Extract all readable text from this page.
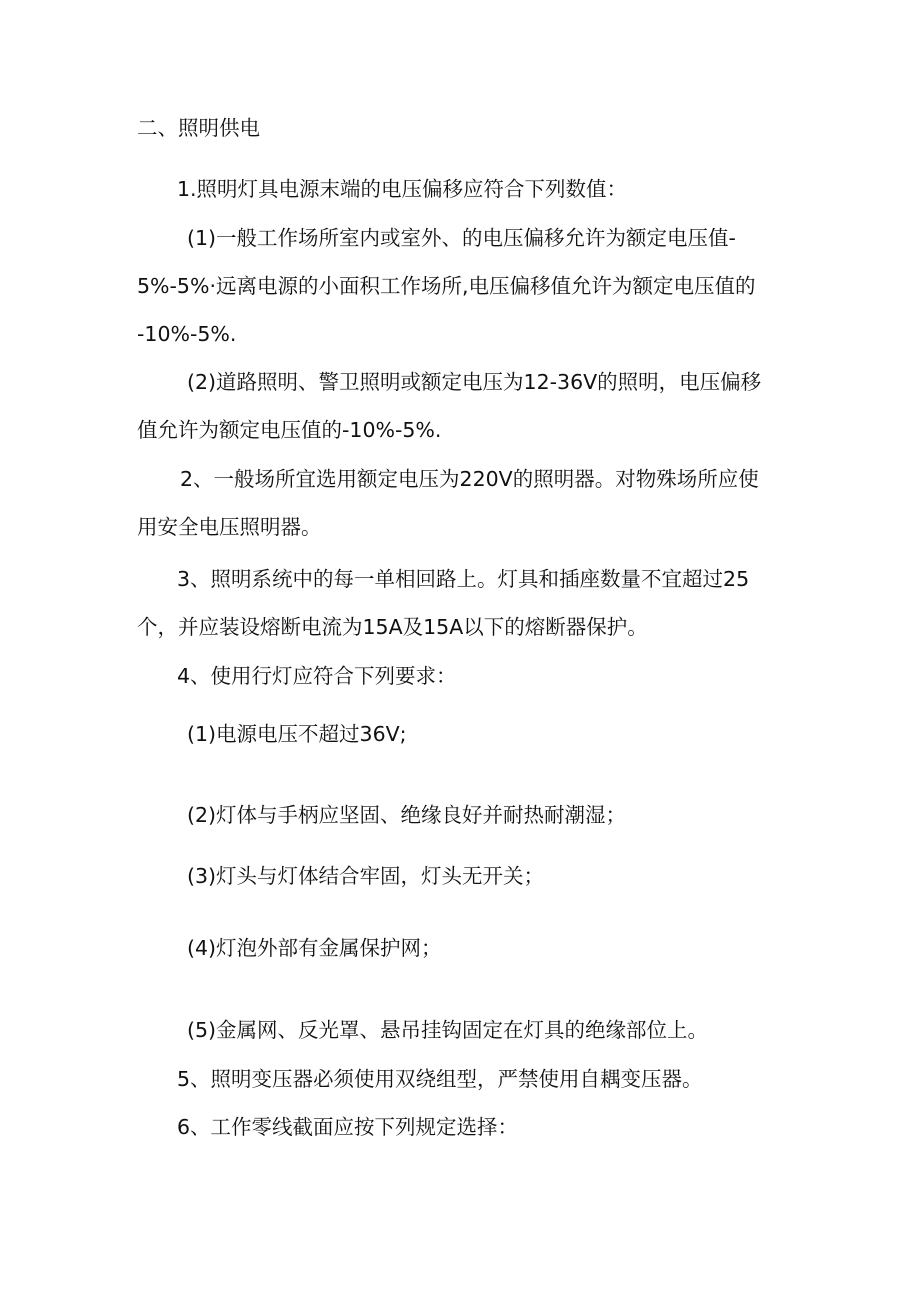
二、照明供电
1.照明灯具电源末端的电压偏移应符合下列数值：
(1)一般工作场所室内或室外、的电压偏移允许为额定电压值-
5%-5%·远离电源的小面积工作场所,电压偏移值允许为额定电压值的
-10%-5%.
(2)道路照明、警卫照明或额定电压为12-36V的照明，电压偏移
值允许为额定电压值的-10%-5%.
2、一般场所宜选用额定电压为220V的照明器。对物殊场所应使
用安全电压照明器。
3、照明系统中的每一单相回路上。灯具和插座数量不宜超过25
个，并应装设熔断电流为15A及15A以下的熔断器保护。
4、使用行灯应符合下列要求：
(1)电源电压不超过36V;
(2)灯体与手柄应坚固、绝缘良好并耐热耐潮湿；
(3)灯头与灯体结合牢固，灯头无开关；
(4)灯泡外部有金属保护网；
(5)金属网、反光罩、悬吊挂钩固定在灯具的绝缘部位上。
5、照明变压器必须使用双绕组型，严禁使用自耦变压器。
6、工作零线截面应按下列规定选择：
